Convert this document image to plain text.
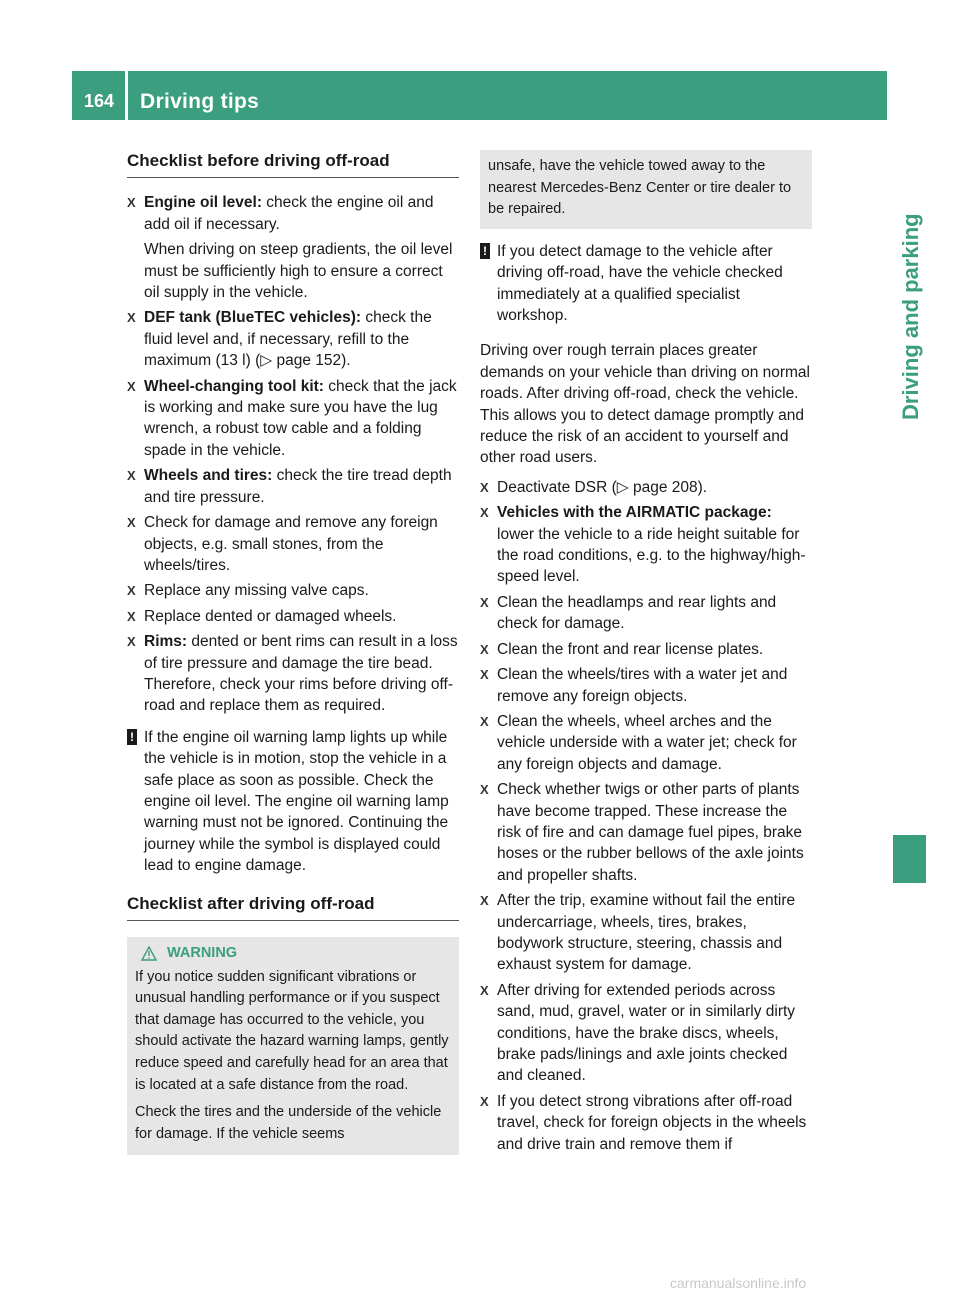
164 Driving tips
Driving and parking
Checklist before driving off-road
X Engine oil level: check the engine oil and add oil if necessary.
When driving on steep gradients, the oil level must be sufficiently high to ensure a correct oil supply in the vehicle.
X DEF tank (BlueTEC vehicles): check the fluid level and, if necessary, refill to the maximum (13 l) (▷ page 152).
X Wheel-changing tool kit: check that the jack is working and make sure you have the lug wrench, a robust tow cable and a folding spade in the vehicle.
X Wheels and tires: check the tire tread depth and tire pressure.
X Check for damage and remove any foreign objects, e.g. small stones, from the wheels/tires.
X Replace any missing valve caps.
X Replace dented or damaged wheels.
X Rims: dented or bent rims can result in a loss of tire pressure and damage the tire bead. Therefore, check your rims before driving off-road and replace them as required.
! If the engine oil warning lamp lights up while the vehicle is in motion, stop the vehicle in a safe place as soon as possible. Check the engine oil level. The engine oil warning lamp warning must not be ignored. Continuing the journey while the symbol is displayed could lead to engine damage.
Checklist after driving off-road
WARNING

If you notice sudden significant vibrations or unusual handling performance or if you suspect that damage has occurred to the vehicle, you should activate the hazard warning lamps, gently reduce speed and carefully head for an area that is located at a safe distance from the road.

Check the tires and the underside of the vehicle for damage. If the vehicle seems

unsafe, have the vehicle towed away to the nearest Mercedes-Benz Center or tire dealer to be repaired.
! If you detect damage to the vehicle after driving off-road, have the vehicle checked immediately at a qualified specialist workshop.
Driving over rough terrain places greater demands on your vehicle than driving on normal roads. After driving off-road, check the vehicle. This allows you to detect damage promptly and reduce the risk of an accident to yourself and other road users.
X Deactivate DSR (▷ page 208).
X Vehicles with the AIRMATIC package: lower the vehicle to a ride height suitable for the road conditions, e.g. to the highway/high-speed level.
X Clean the headlamps and rear lights and check for damage.
X Clean the front and rear license plates.
X Clean the wheels/tires with a water jet and remove any foreign objects.
X Clean the wheels, wheel arches and the vehicle underside with a water jet; check for any foreign objects and damage.
X Check whether twigs or other parts of plants have become trapped. These increase the risk of fire and can damage fuel pipes, brake hoses or the rubber bellows of the axle joints and propeller shafts.
X After the trip, examine without fail the entire undercarriage, wheels, tires, brakes, bodywork structure, steering, chassis and exhaust system for damage.
X After driving for extended periods across sand, mud, gravel, water or in similarly dirty conditions, have the brake discs, wheels, brake pads/linings and axle joints checked and cleaned.
X If you detect strong vibrations after off-road travel, check for foreign objects in the wheels and drive train and remove them if
carmanualsonline.info
